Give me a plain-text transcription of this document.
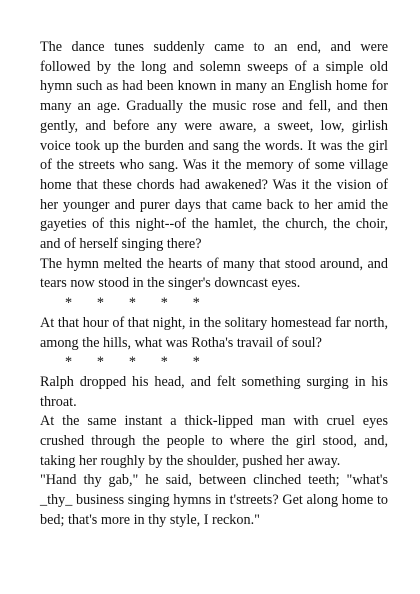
The dance tunes suddenly came to an end, and were followed by the long and solemn sweeps of a simple old hymn such as had been known in many an English home for many an age. Gradually the music rose and fell, and then gently, and before any were aware, a sweet, low, girlish voice took up the burden and sang the words. It was the girl of the streets who sang. Was it the memory of some village home that these chords had awakened? Was it the vision of her younger and purer days that came back to her amid the gayeties of this night--of the hamlet, the church, the choir, and of herself singing there?

The hymn melted the hearts of many that stood around, and tears now stood in the singer's downcast eyes.

*       *       *       *       *

At that hour of that night, in the solitary homestead far north, among the hills, what was Rotha's travail of soul?

*       *       *       *       *

Ralph dropped his head, and felt something surging in his throat.

At the same instant a thick-lipped man with cruel eyes crushed through the people to where the girl stood, and, taking her roughly by the shoulder, pushed her away.

"Hand thy gab," he said, between clinched teeth; "what's _thy_ business singing hymns in t'streets? Get along home to bed; that's more in thy style, I reckon."
